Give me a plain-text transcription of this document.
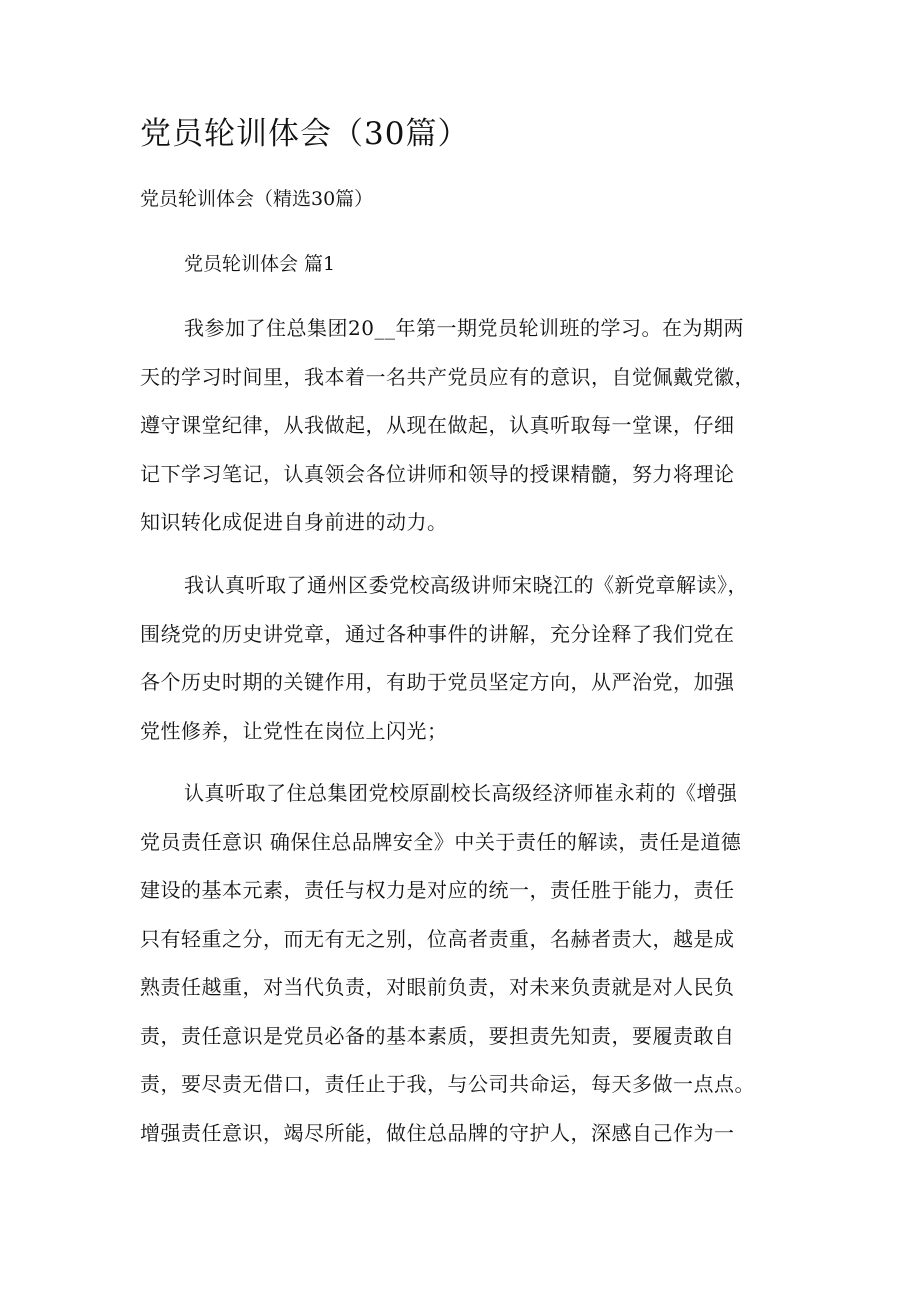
党员轮训体会（30篇）
党员轮训体会（精选30篇）
党员轮训体会 篇1
我参加了住总集团20__年第一期党员轮训班的学习。在为期两
天的学习时间里，我本着一名共产党员应有的意识，自觉佩戴党徽，
遵守课堂纪律，从我做起，从现在做起，认真听取每一堂课，仔细
记下学习笔记，认真领会各位讲师和领导的授课精髓，努力将理论
知识转化成促进自身前进的动力。
我认真听取了通州区委党校高级讲师宋晓江的《新党章解读》，
围绕党的历史讲党章，通过各种事件的讲解，充分诠释了我们党在
各个历史时期的关键作用，有助于党员坚定方向，从严治党，加强
党性修养，让党性在岗位上闪光；
认真听取了住总集团党校原副校长高级经济师崔永莉的《增强
党员责任意识 确保住总品牌安全》中关于责任的解读，责任是道德
建设的基本元素，责任与权力是对应的统一，责任胜于能力，责任
只有轻重之分，而无有无之别，位高者责重，名赫者责大，越是成
熟责任越重，对当代负责，对眼前负责，对未来负责就是对人民负
责，责任意识是党员必备的基本素质，要担责先知责，要履责敢自
责，要尽责无借口，责任止于我，与公司共命运，每天多做一点点。
增强责任意识，竭尽所能，做住总品牌的守护人，深感自己作为一
